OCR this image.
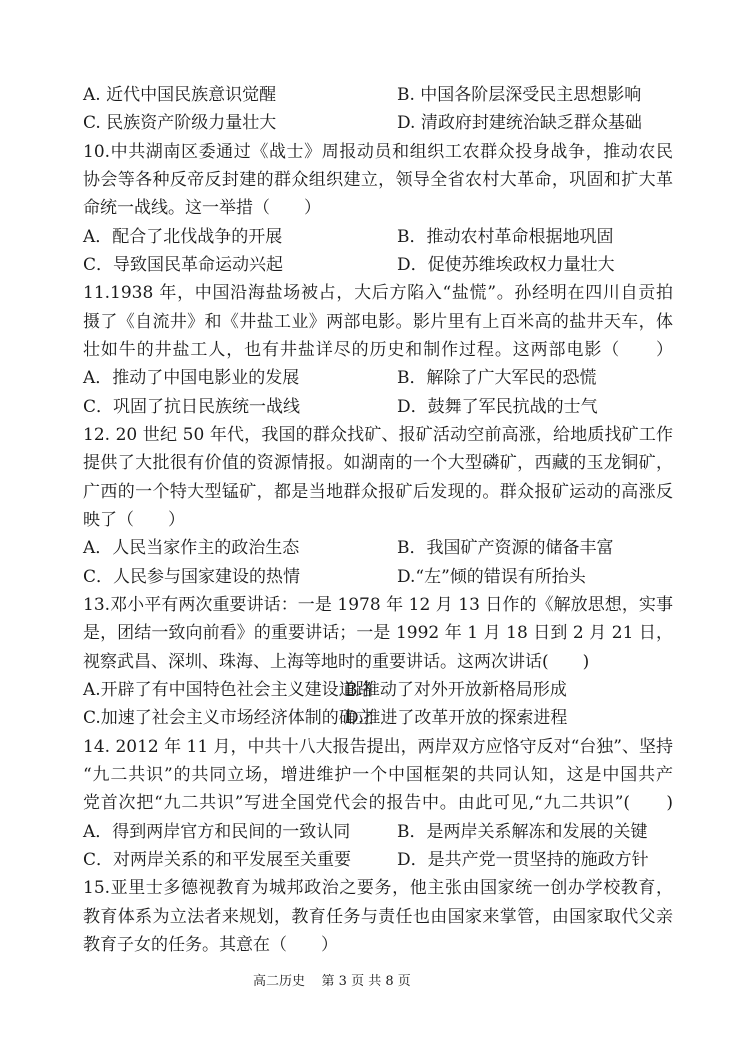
A. 近代中国民族意识觉醒	B. 中国各阶层深受民主思想影响
C. 民族资产阶级力量壮大	D. 清政府封建统治缺乏群众基础
10.中共湖南区委通过《战士》周报动员和组织工农群众投身战争，推动农民
协会等各种反帝反封建的群众组织建立，领导全省农村大革命，巩固和扩大革
命统一战线。这一举措（　　）
A．配合了北伐战争的开展	B．推动农村革命根据地巩固
C．导致国民革命运动兴起	D．促使苏维埃政权力量壮大
11.1938 年，中国沿海盐场被占，大后方陷入“盐慌”。孙经明在四川自贡拍
摄了《自流井》和《井盐工业》两部电影。影片里有上百米高的盐井天车，体
壮如牛的井盐工人，也有井盐详尽的历史和制作过程。这两部电影（　　）
A．推动了中国电影业的发展	B．解除了广大军民的恐慌
C．巩固了抗日民族统一战线	D．鼓舞了军民抗战的士气
12. 20 世纪 50 年代，我国的群众找矿、报矿活动空前高涨，给地质找矿工作
提供了大批很有价值的资源情报。如湖南的一个大型磷矿，西藏的玉龙铜矿，
广西的一个特大型锰矿，都是当地群众报矿后发现的。群众报矿运动的高涨反
映了（　　）
A．人民当家作主的政治生态	B．我国矿产资源的储备丰富
C．人民参与国家建设的热情	D.“左”倾的错误有所抬头
13.邓小平有两次重要讲话：一是 1978 年 12 月 13 日作的《解放思想，实事
是，团结一致向前看》的重要讲话；一是 1992 年 1 月 18 日到 2 月 21 日，
视察武昌、深圳、珠海、上海等地时的重要讲话。这两次讲话(　　)
A.开辟了有中国特色社会主义建设道路
B.推动了对外开放新格局形成
C.加速了社会主义市场经济体制的确立
D.推进了改革开放的探索进程
14. 2012 年 11 月，中共十八大报告提出，两岸双方应恪守反对“台独”、坚持
“九二共识”的共同立场，增进维护一个中国框架的共同认知，这是中国共产
党首次把“九二共识”写进全国党代会的报告中。由此可见,“九二共识”(　　)
A．得到两岸官方和民间的一致认同	B．是两岸关系解冻和发展的关键
C．对两岸关系的和平发展至关重要	D．是共产党一贯坚持的施政方针
15.亚里士多德视教育为城邦政治之要务，他主张由国家统一创办学校教育，
教育体系为立法者来规划，教育任务与责任也由国家来掌管，由国家取代父亲
教育子女的任务。其意在（　　）
高二历史    第 3 页 共 8 页
